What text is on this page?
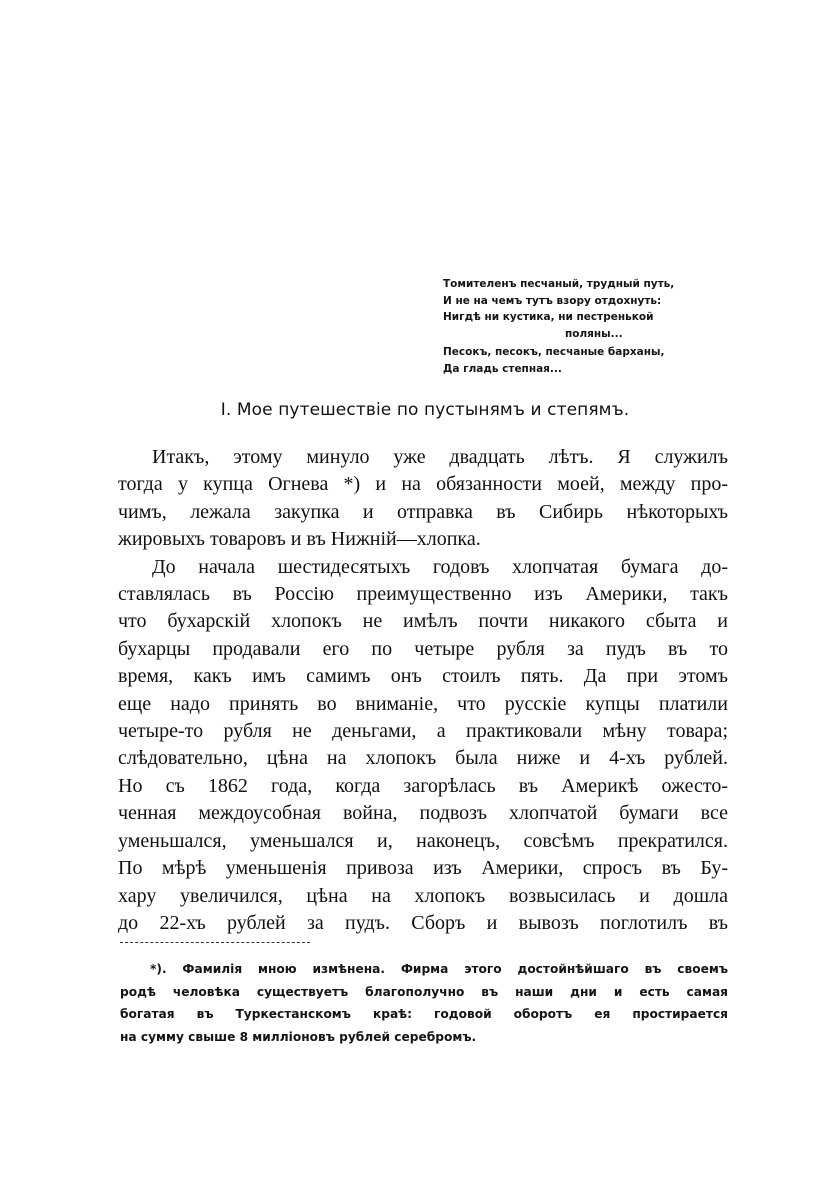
Томителенъ песчаный, трудный путь,
И не на чемъ тутъ взору отдохнуть:
Нигдѣ ни кустика, ни пестренькой
поляны...
Песокъ, песокъ, песчаные барханы,
Да гладь степная...
I. Мое путешествіе по пустынямъ и степямъ.
Итакъ, этому минуло уже двадцать лѣтъ. Я служилъ
тогда у купца Огнева *) и на обязанности моей, между про-
чимъ, лежала закупка и отправка въ Сибирь нѣкоторыхъ
жировыхъ товаровъ и въ Нижній—хлопка.
До начала шестидесятыхъ годовъ хлопчатая бумага до-
ставлялась въ Россію преимущественно изъ Америки, такъ
что бухарскій хлопокъ не имѣлъ почти никакого сбыта и
бухарцы продавали его по четыре рубля за пудъ въ то
время, какъ имъ самимъ онъ стоилъ пять. Да при этомъ
еще надо принять во вниманіе, что русскіе купцы платили
четыре-то рубля не деньгами, а практиковали мѣну товара;
слѣдовательно, цѣна на хлопокъ была ниже и 4-хъ рублей.
Но съ 1862 года, когда загорѣлась въ Америкѣ ожесто-
ченная междоусобная война, подвозъ хлопчатой бумаги все
уменьшался, уменьшался и, наконецъ, совсѣмъ прекратился.
По мѣрѣ уменьшенія привоза изъ Америки, спросъ въ Бу-
хару увеличился, цѣна на хлопокъ возвысилась и дошла
до 22-хъ рублей за пудъ. Сборъ и вывозъ поглотилъ въ
*). Фамилія мною измѣнена. Фирма этого достойнѣйшаго въ своемъ
родѣ человѣка существуетъ благополучно въ наши дни и есть самая
богатая въ Туркестанскомъ краѣ: годовой оборотъ ея простирается
на сумму свыше 8 милліоновъ рублей серебромъ.
